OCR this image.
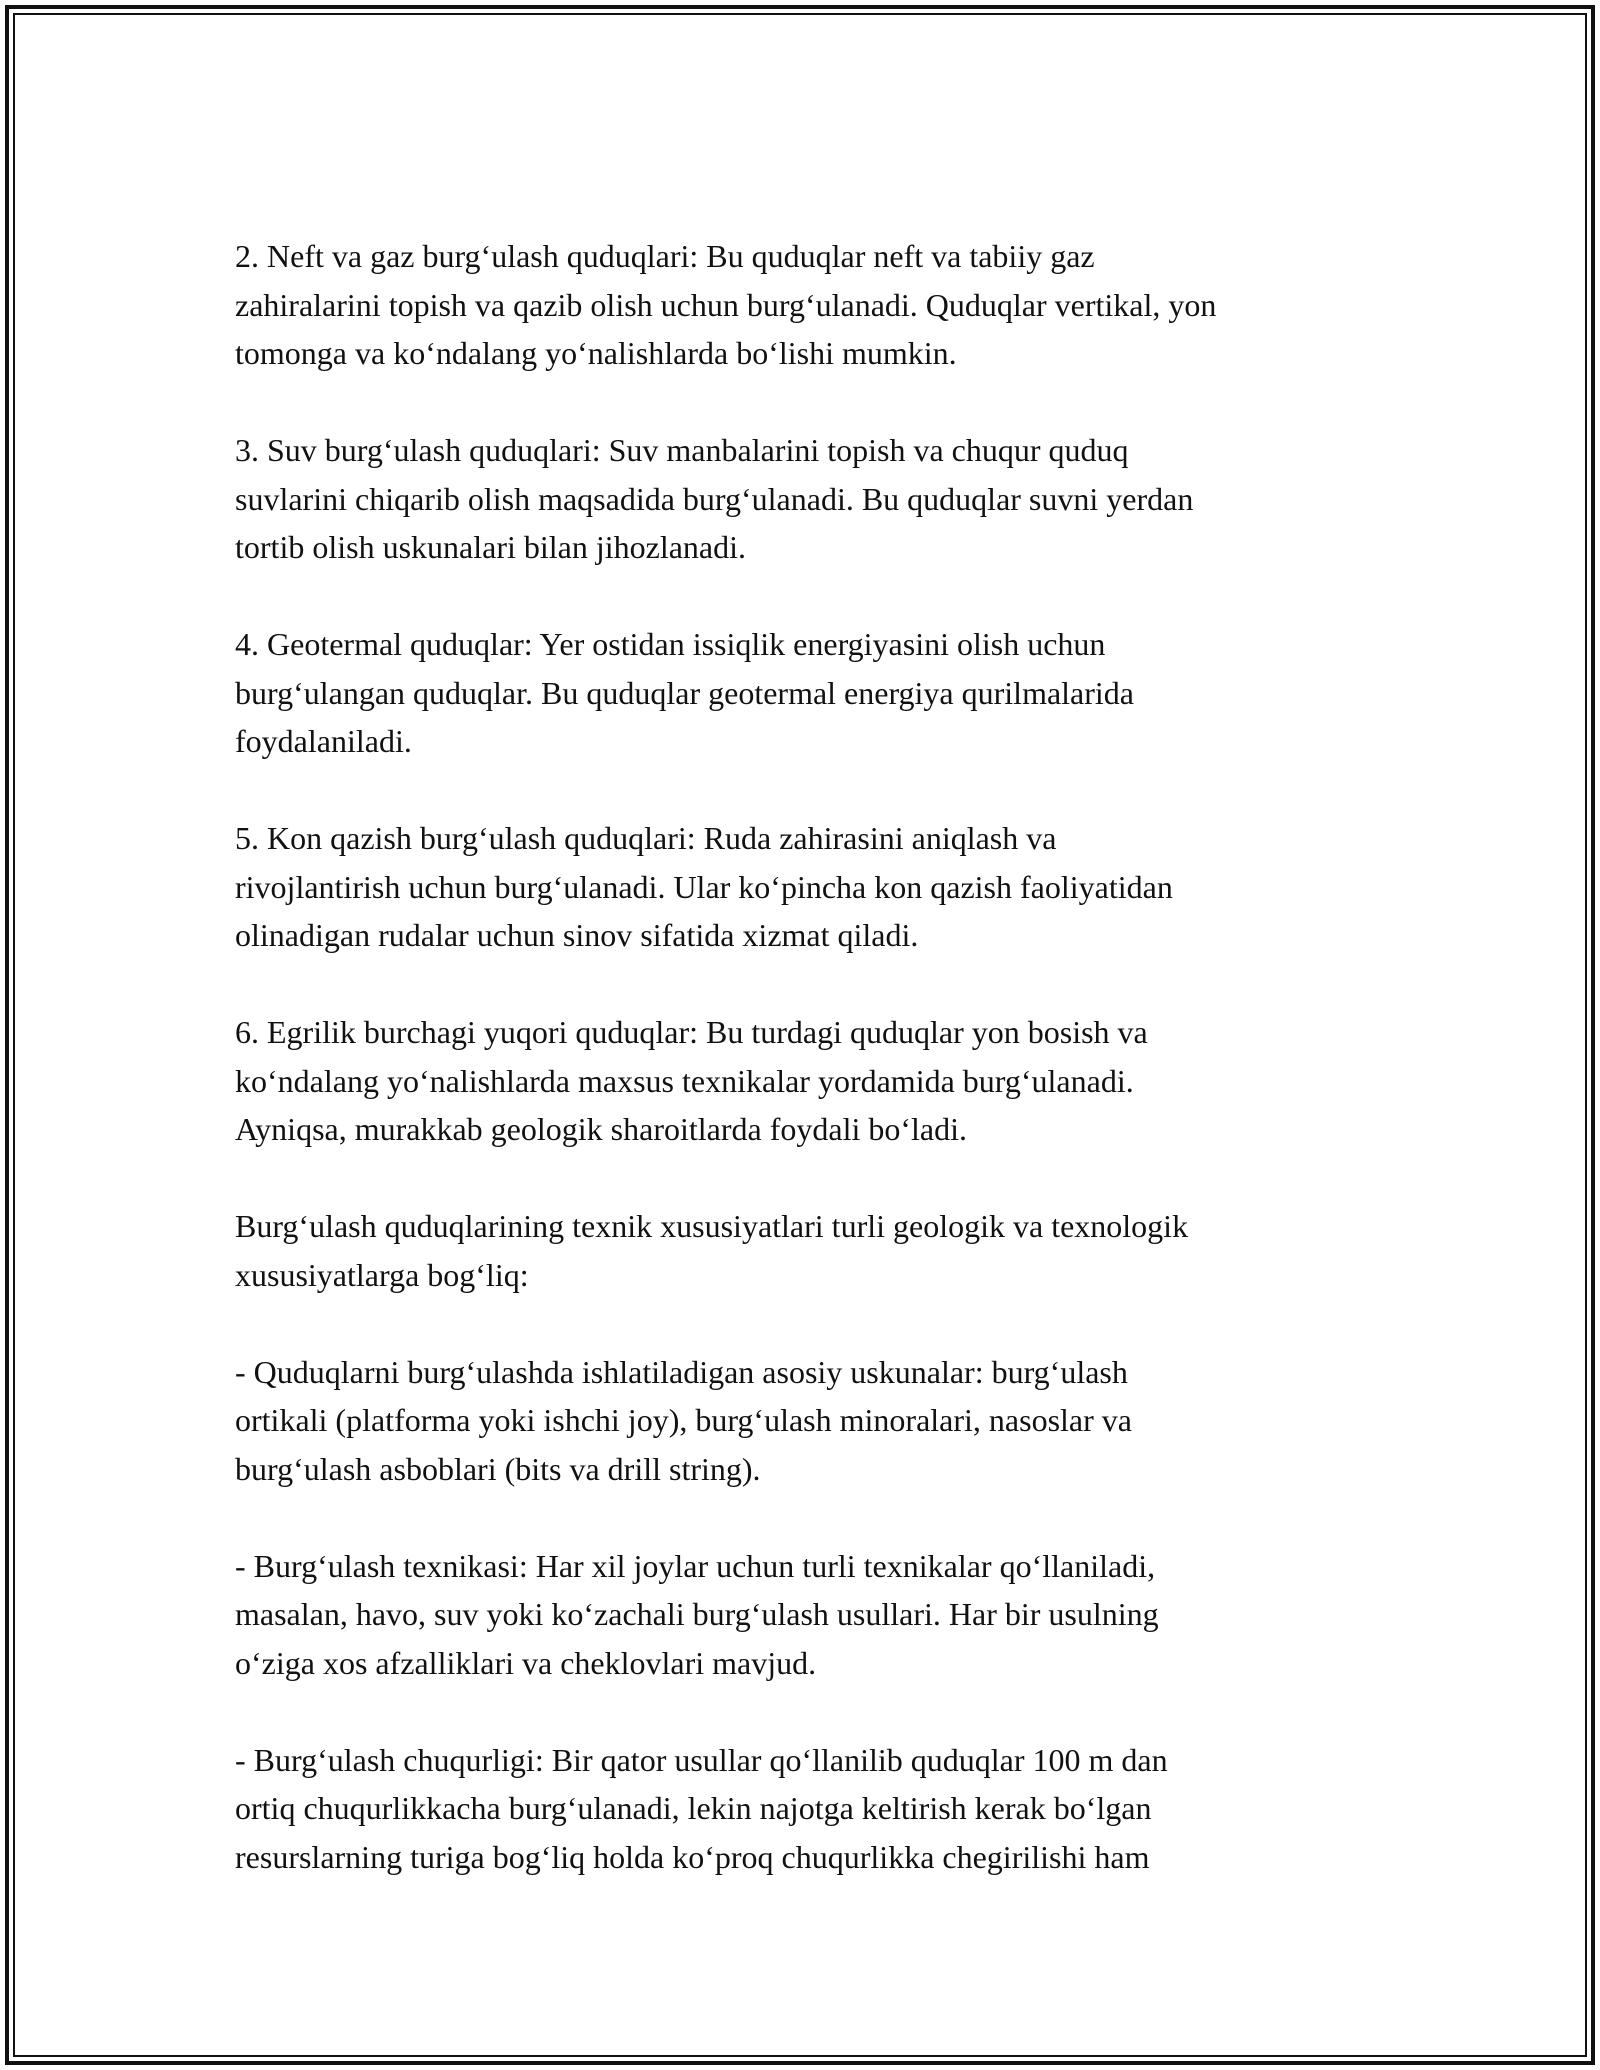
2. Neft va gaz burg‘ulash quduqlari: Bu quduqlar neft va tabiiy gaz
zahiralarini topish va qazib olish uchun burg‘ulanadi. Quduqlar vertikal, yon
tomonga va ko‘ndalang yo‘nalishlarda bo‘lishi mumkin.

3. Suv burg‘ulash quduqlari: Suv manbalarini topish va chuqur quduq
suvlarini chiqarib olish maqsadida burg‘ulanadi. Bu quduqlar suvni yerdan
tortib olish uskunalari bilan jihozlanadi.

4. Geotermal quduqlar: Yer ostidan issiqlik energiyasini olish uchun
burg‘ulangan quduqlar. Bu quduqlar geotermal energiya qurilmalarida
foydalaniladi.

5. Kon qazish burg‘ulash quduqlari: Ruda zahirasini aniqlash va
rivojlantirish uchun burg‘ulanadi. Ular ko‘pincha kon qazish faoliyatidan
olinadigan rudalar uchun sinov sifatida xizmat qiladi.

6. Egrilik burchagi yuqori quduqlar: Bu turdagi quduqlar yon bosish va
ko‘ndalang yo‘nalishlarda maxsus texnikalar yordamida burg‘ulanadi.
Ayniqsa, murakkab geologik sharoitlarda foydali bo‘ladi.

Burg‘ulash quduqlarining texnik xususiyatlari turli geologik va texnologik
xususiyatlarga bog‘liq:

- Quduqlarni burg‘ulashda ishlatiladigan asosiy uskunalar: burg‘ulash
ortikali (platforma yoki ishchi joy), burg‘ulash minoralari, nasoslar va
burg‘ulash asboblari (bits va drill string).

- Burg‘ulash texnikasi: Har xil joylar uchun turli texnikalar qo‘llaniladi,
masalan, havo, suv yoki ko‘zachali burg‘ulash usullari. Har bir usulning
o‘ziga xos afzalliklari va cheklovlari mavjud.

- Burg‘ulash chuqurligi: Bir qator usullar qo‘llanilib quduqlar 100 m dan
ortiq chuqurlikkacha burg‘ulanadi, lekin najotga keltirish kerak bo‘lgan
resurslarning turiga bog‘liq holda ko‘proq chuqurlikka chegirilishi ham
